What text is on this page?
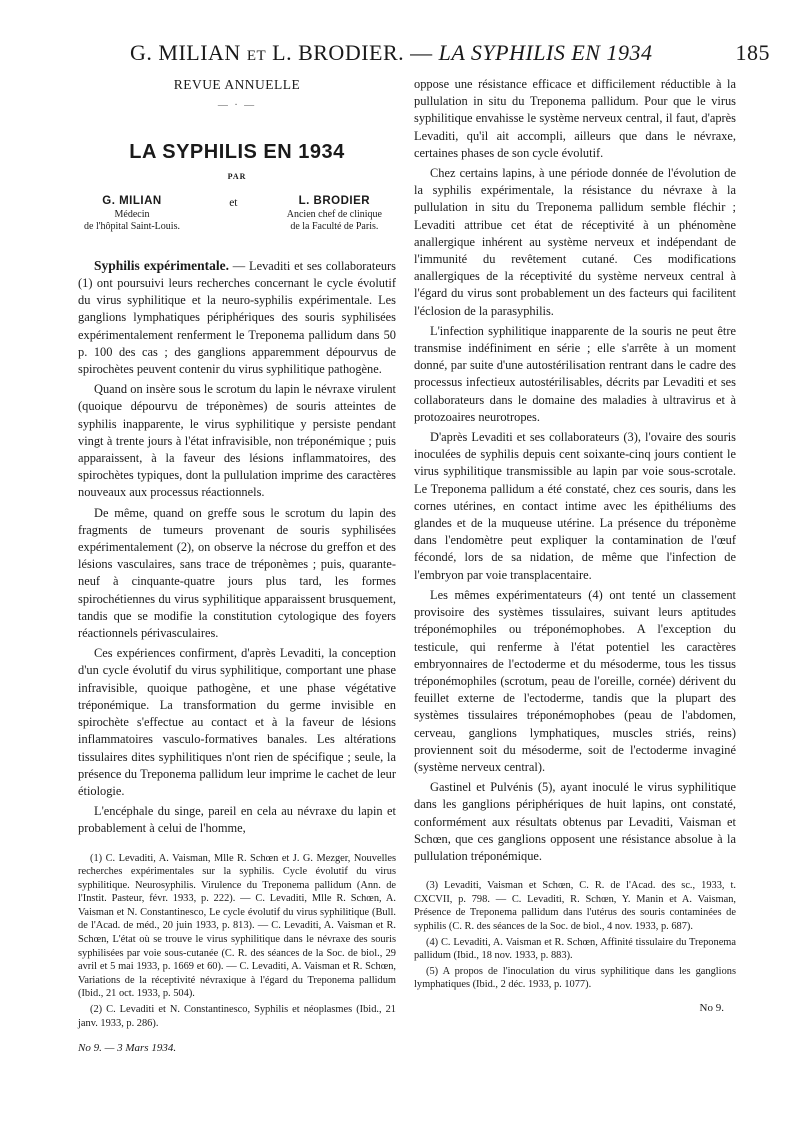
G. MILIAN et L. BRODIER. — LA SYPHILIS EN 1934	185

REVUE ANNUELLE

— · —

LA SYPHILIS EN 1934

PAR

G. MILIAN
Médecin
de l'hôpital Saint-Louis.
et	L. BRODIER
Ancien chef de clinique
de la Faculté de Paris.

Syphilis expérimentale. — Levaditi et ses collaborateurs (1) ont poursuivi leurs recherches concernant le cycle évolutif du virus syphilitique et la neuro-syphilis expérimentale. Les ganglions lymphatiques périphériques des souris syphilisées expérimentalement renferment le Treponema pallidum dans 50 p. 100 des cas ; des ganglions apparemment dépourvus de spirochètes peuvent contenir du virus syphilitique pathogène.

Quand on insère sous le scrotum du lapin le névraxe virulent (quoique dépourvu de tréponèmes) de souris atteintes de syphilis inapparente, le virus syphilitique y persiste pendant vingt à trente jours à l'état infravisible, non tréponémique ; puis apparaissent, à la faveur des lésions inflammatoires, des spirochètes typiques, dont la pullulation imprime des caractères nouveaux aux processus réactionnels.

De même, quand on greffe sous le scrotum du lapin des fragments de tumeurs provenant de souris syphilisées expérimentalement (2), on observe la nécrose du greffon et des lésions vasculaires, sans trace de tréponèmes ; puis, quarante-neuf à cinquante-quatre jours plus tard, les formes spirochétiennes du virus syphilitique apparaissent brusquement, tandis que se modifie la constitution cytologique des foyers réactionnels périvasculaires.

Ces expériences confirment, d'après Levaditi, la conception d'un cycle évolutif du virus syphilitique, comportant une phase infravisible, quoique pathogène, et une phase végétative tréponémique. La transformation du germe invisible en spirochète s'effectue au contact et à la faveur de lésions inflammatoires vasculo-formatives banales. Les altérations tissulaires dites syphilitiques n'ont rien de spécifique ; seule, la présence du Treponema pallidum leur imprime le cachet de leur étiologie.

L'encéphale du singe, pareil en cela au névraxe du lapin et probablement à celui de l'homme,

(1) C. Levaditi, A. Vaisman, Mlle R. Schœn et J. G. Mezger, Nouvelles recherches expérimentales sur la syphilis. Cycle évolutif du virus syphilitique. Neurosyphilis. Virulence du Treponema pallidum (Ann. de l'Instit. Pasteur, févr. 1933, p. 222). — C. Levaditi, Mlle R. Schœn, A. Vaisman et N. Constantinesco, Le cycle évolutif du virus syphilitique (Bull. de l'Acad. de méd., 20 juin 1933, p. 813). — C. Levaditi, A. Vaisman et R. Schœn, L'état où se trouve le virus syphilitique dans le névraxe des souris syphilisées par voie sous-cutanée (C. R. des séances de la Soc. de biol., 29 avril et 5 mai 1933, p. 1669 et 60). — C. Levaditi, A. Vaisman et R. Schœn, Variations de la réceptivité névraxique à l'égard du Treponema pallidum (Ibid., 21 oct. 1933, p. 504).

(2) C. Levaditi et N. Constantinesco, Syphilis et néoplasmes (Ibid., 21 janv. 1933, p. 286).

No 9. — 3 Mars 1934.

oppose une résistance efficace et difficilement réductible à la pullulation in situ du Treponema pallidum. Pour que le virus syphilitique envahisse le système nerveux central, il faut, d'après Levaditi, qu'il ait accompli, ailleurs que dans le névraxe, certaines phases de son cycle évolutif.

Chez certains lapins, à une période donnée de l'évolution de la syphilis expérimentale, la résistance du névraxe à la pullulation in situ du Treponema pallidum semble fléchir ; Levaditi attribue cet état de réceptivité à un phénomène anallergique inhérent au système nerveux et indépendant de l'immunité du revêtement cutané. Ces modifications anallergiques de la réceptivité du système nerveux central à l'égard du virus sont probablement un des facteurs qui facilitent l'éclosion de la parasyphilis.

L'infection syphilitique inapparente de la souris ne peut être transmise indéfiniment en série ; elle s'arrête à un moment donné, par suite d'une autostérilisation rentrant dans le cadre des processus infectieux autostérilisables, décrits par Levaditi et ses collaborateurs dans le domaine des maladies à ultravirus et à protozoaires neurotropes.

D'après Levaditi et ses collaborateurs (3), l'ovaire des souris inoculées de syphilis depuis cent soixante-cinq jours contient le virus syphilitique transmissible au lapin par voie sous-scrotale. Le Treponema pallidum a été constaté, chez ces souris, dans les cornes utérines, en contact intime avec les épithéliums des glandes et de la muqueuse utérine. La présence du tréponème dans l'endomètre peut expliquer la contamination de l'œuf fécondé, lors de sa nidation, de même que l'infection de l'embryon par voie transplacentaire.

Les mêmes expérimentateurs (4) ont tenté un classement provisoire des systèmes tissulaires, suivant leurs aptitudes tréponémophiles ou tréponémophobes. A l'exception du testicule, qui renferme à l'état potentiel les caractères embryonnaires de l'ectoderme et du mésoderme, tous les tissus tréponémophiles (scrotum, peau de l'oreille, cornée) dérivent du feuillet externe de l'ectoderme, tandis que la plupart des systèmes tissulaires tréponémophobes (peau de l'abdomen, cerveau, ganglions lymphatiques, muscles striés, reins) proviennent soit du mésoderme, soit de l'ectoderme invaginé (système nerveux central).

Gastinel et Pulvénis (5), ayant inoculé le virus syphilitique dans les ganglions périphériques de huit lapins, ont constaté, conformément aux résultats obtenus par Levaditi, Vaisman et Schœn, que ces ganglions opposent une résistance absolue à la pullulation tréponémique.

(3) Levaditi, Vaisman et Schœn, C. R. de l'Acad. des sc., 1933, t. CXCVII, p. 798. — C. Levaditi, R. Schœn, Y. Manin et A. Vaisman, Présence de Treponema pallidum dans l'utérus des souris contaminées de syphilis (C. R. des séances de la Soc. de biol., 4 nov. 1933, p. 687).

(4) C. Levaditi, A. Vaisman et R. Schœn, Affinité tissulaire du Treponema pallidum (Ibid., 18 nov. 1933, p. 883).

(5) A propos de l'inoculation du virus syphilitique dans les ganglions lymphatiques (Ibid., 2 déc. 1933, p. 1077).

No 9.
